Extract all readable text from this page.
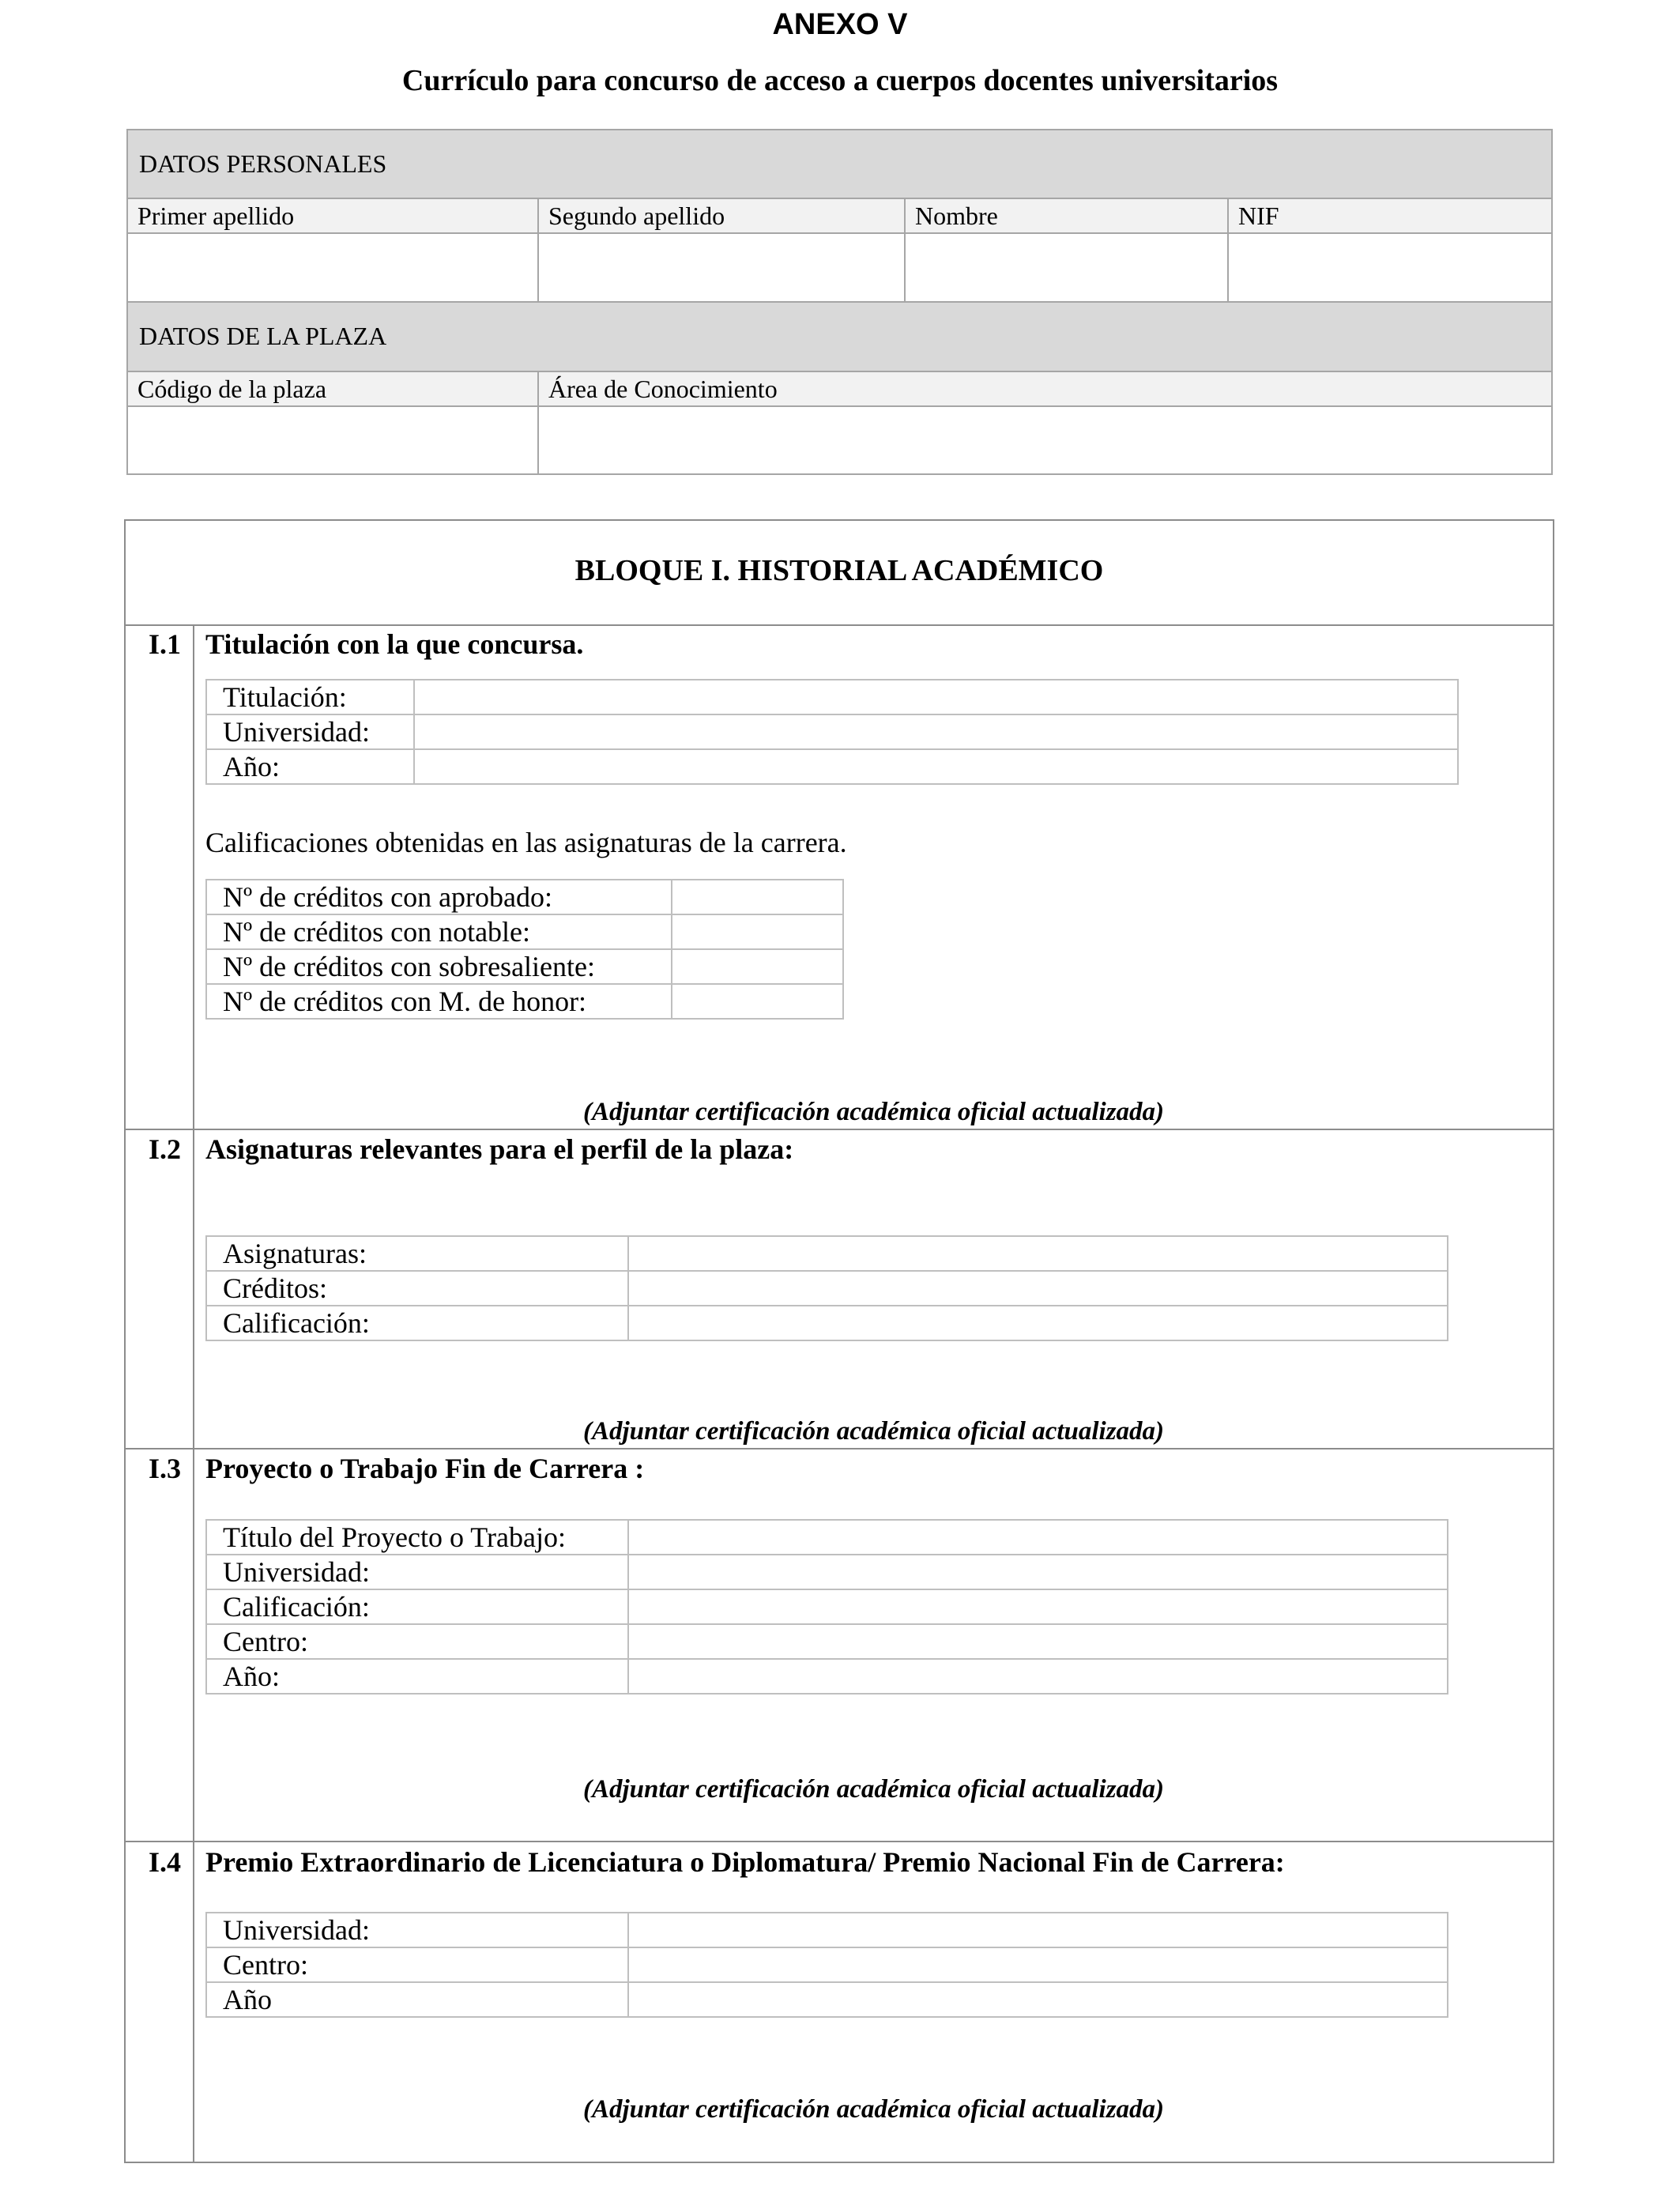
ANEXO V
Currículo para concurso de acceso a cuerpos docentes universitarios
DATOS PERSONALES
Primer apellido	Segundo apellido	Nombre	NIF
DATOS DE LA PLAZA
Código de la plaza	Área de Conocimiento
BLOQUE I. HISTORIAL ACADÉMICO
I.1 Titulación con la que concursa.
Titulación:	
Universidad:	
Año:	
Calificaciones obtenidas en las asignaturas de la carrera.
Nº de créditos con aprobado:	
Nº de créditos con notable:	
Nº de créditos con sobresaliente:	
Nº de créditos con M. de honor:	
(Adjuntar certificación académica oficial actualizada)
I.2 Asignaturas relevantes para el perfil de la plaza:
Asignaturas:	
Créditos:	
Calificación:	
(Adjuntar certificación académica oficial actualizada)
I.3 Proyecto o Trabajo Fin de Carrera :
Título del Proyecto o Trabajo:	
Universidad:	
Calificación:	
Centro:	
Año:	
(Adjuntar certificación académica oficial actualizada)
I.4 Premio Extraordinario de Licenciatura o Diplomatura/ Premio Nacional Fin de Carrera:
Universidad:	
Centro:	
Año	
(Adjuntar certificación académica oficial actualizada)
